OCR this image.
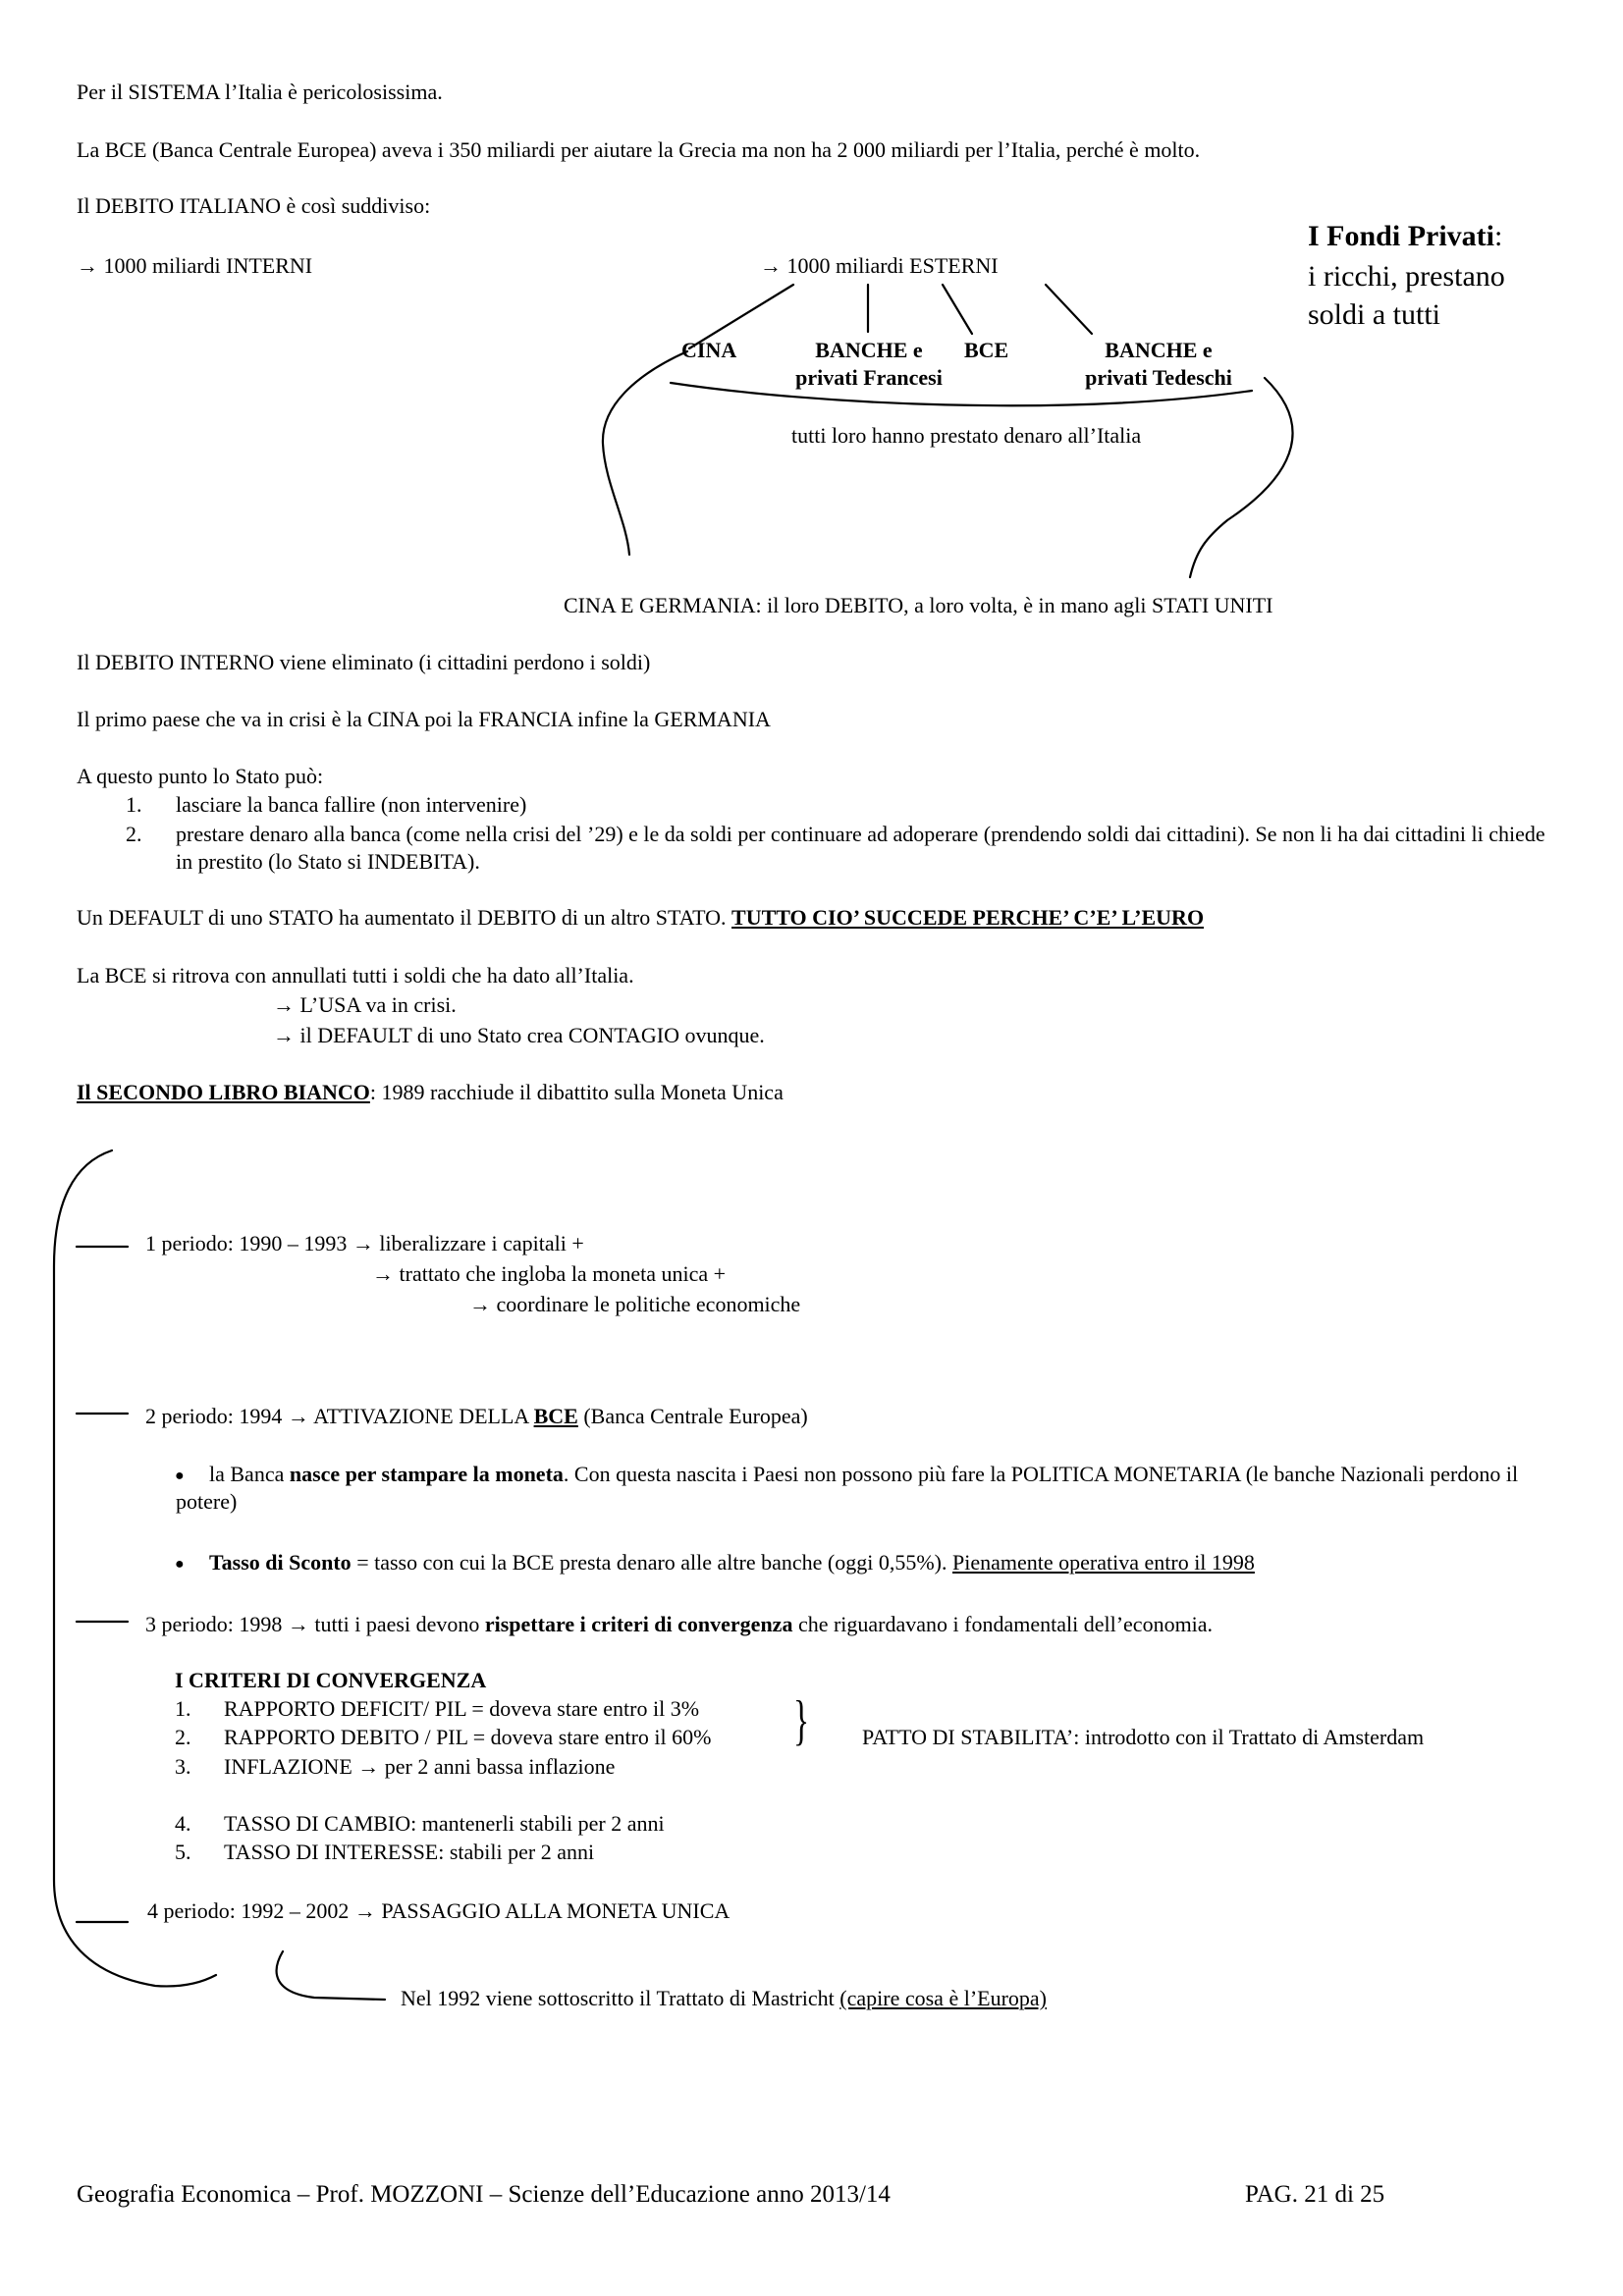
Per il SISTEMA l’Italia è pericolosissima.
La BCE (Banca Centrale Europea) aveva i 350 miliardi per aiutare la Grecia ma non ha 2 000 miliardi per l’Italia, perché è molto.
Il DEBITO ITALIANO è così suddiviso:
I Fondi Privati:
i ricchi, prestano
soldi a tutti
→ 1000 miliardi INTERNI	→ 1000 miliardi ESTERNI
CINA	BANCHE e
privati Francesi
BCE	BANCHE e
privati Tedeschi
tutti loro hanno prestato denaro all’Italia
CINA E GERMANIA: il loro DEBITO, a loro volta, è in mano agli STATI UNITI
Il DEBITO INTERNO viene eliminato (i cittadini perdono i soldi)
Il primo paese che va in crisi è la CINA poi la FRANCIA infine la GERMANIA
A questo punto lo Stato può:
1. lasciare la banca fallire (non intervenire)
2. prestare denaro alla banca (come nella crisi del ’29) e le da soldi per continuare ad adoperare (prendendo soldi dai cittadini). Se non li ha dai cittadini li chiede in prestito (lo Stato si INDEBITA).
Un DEFAULT di uno STATO ha aumentato il DEBITO di un altro STATO. TUTTO CIO’ SUCCEDE PERCHE’ C’E’ L’EURO
La BCE si ritrova con annullati tutti i soldi che ha dato all’Italia.
→ L’USA va in crisi.
→ il DEFAULT di uno Stato crea CONTAGIO ovunque.
Il SECONDO LIBRO BIANCO: 1989 racchiude il dibattito sulla Moneta Unica
1 periodo: 1990 – 1993 → liberalizzare i capitali +
→ trattato che ingloba la moneta unica +
→ coordinare le politiche economiche
2 periodo: 1994 → ATTIVAZIONE DELLA BCE (Banca Centrale Europea)
●	la Banca nasce per stampare la moneta. Con questa nascita i Paesi non possono più fare la POLITICA MONETARIA (le banche Nazionali perdono il potere)
● Tasso di Sconto = tasso con cui la BCE presta denaro alle altre banche (oggi 0,55%). Pienamente operativa entro il 1998
3 periodo: 1998 → tutti i paesi devono rispettare i criteri di convergenza che riguardavano i fondamentali dell’economia.
I CRITERI DI CONVERGENZA
1. RAPPORTO DEFICIT/ PIL = doveva stare entro il 3%
2. RAPPORTO DEBITO / PIL = doveva stare entro il 60%
3. INFLAZIONE → per 2 anni bassa inflazione
} PATTO DI STABILITA’: introdotto con il Trattato di Amsterdam
4. TASSO DI CAMBIO: mantenerli stabili per 2 anni
5. TASSO DI INTERESSE: stabili per 2 anni
4 periodo: 1992 – 2002 → PASSAGGIO ALLA MONETA UNICA
Nel 1992 viene sottoscritto il Trattato di Mastricht (capire cosa è l’Europa)
Geografia Economica – Prof. MOZZONI – Scienze dell’Educazione anno 2013/14	PAG. 21 di 25
